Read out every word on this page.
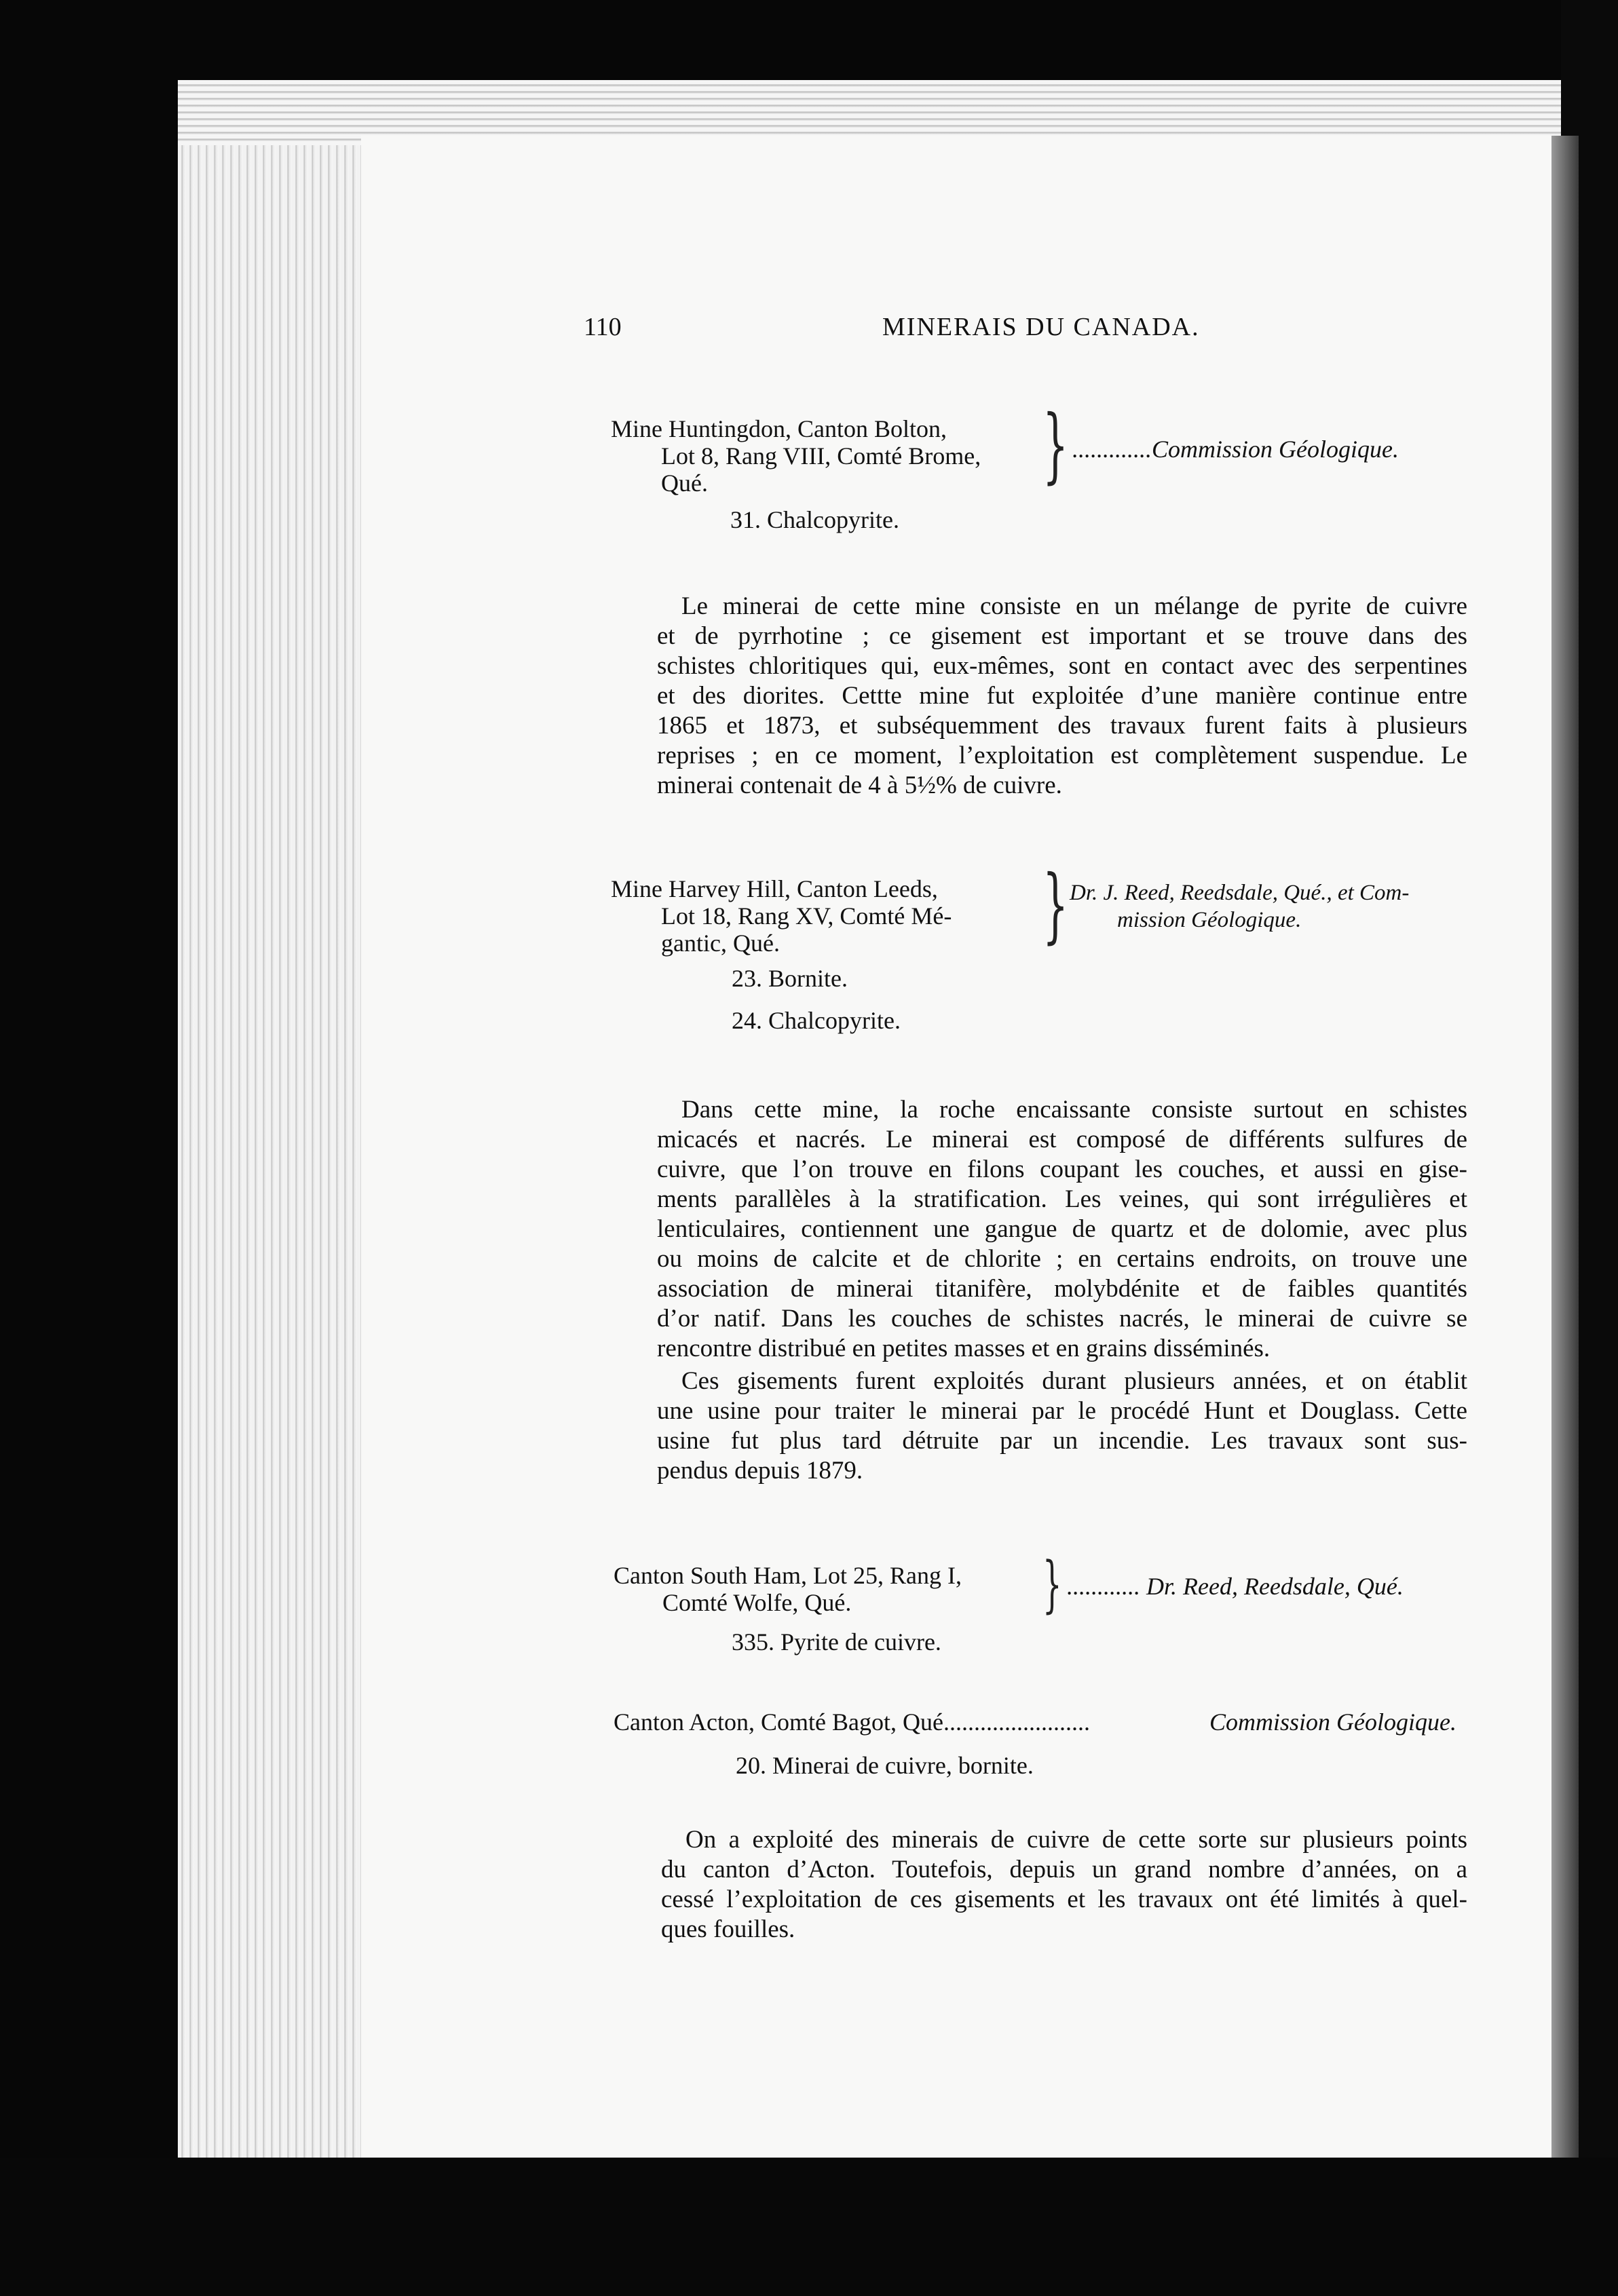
110	MINERAIS DU CANADA.
Mine Huntingdon, Canton Bolton,
Lot 8, Rang VIII, Comté Brome,
Qué.	} .............Commission Géologique.
31. Chalcopyrite.
Le minerai de cette mine consiste en un mélange de pyrite de cuivre
et de pyrrhotine ; ce gisement est important et se trouve dans des
schistes chloritiques qui, eux-mêmes, sont en contact avec des serpentines
et des diorites. Cettte mine fut exploitée d’une manière continue entre
1865 et 1873, et subséquemment des travaux furent faits à plusieurs
reprises ; en ce moment, l’exploitation est complètement suspendue. Le
minerai contenait de 4 à 5½% de cuivre.
Mine Harvey Hill, Canton Leeds,
Lot 18, Rang XV, Comté Mé-
gantic, Qué.	} Dr. J. Reed, Reedsdale, Qué., et Com-
mission Géologique.
23. Bornite.
24. Chalcopyrite.
Dans cette mine, la roche encaissante consiste surtout en schistes
micacés et nacrés. Le minerai est composé de différents sulfures de
cuivre, que l’on trouve en filons coupant les couches, et aussi en gise-
ments parallèles à la stratification. Les veines, qui sont irrégulières et
lenticulaires, contiennent une gangue de quartz et de dolomie, avec plus
ou moins de calcite et de chlorite ; en certains endroits, on trouve une
association de minerai titanifère, molybdénite et de faibles quantités
d’or natif. Dans les couches de schistes nacrés, le minerai de cuivre se
rencontre distribué en petites masses et en grains disséminés.
Ces gisements furent exploités durant plusieurs années, et on établit
une usine pour traiter le minerai par le procédé Hunt et Douglass. Cette
usine fut plus tard détruite par un incendie. Les travaux sont sus-
pendus depuis 1879.
Canton South Ham, Lot 25, Rang I,
Comté Wolfe, Qué.	} ............ Dr. Reed, Reedsdale, Qué.
335. Pyrite de cuivre.
Canton Acton, Comté Bagot, Qué........................	Commission Géologique.
20. Minerai de cuivre, bornite.
On a exploité des minerais de cuivre de cette sorte sur plusieurs points
du canton d’Acton. Toutefois, depuis un grand nombre d’années, on a
cessé l’exploitation de ces gisements et les travaux ont été limités à quel-
ques fouilles.
